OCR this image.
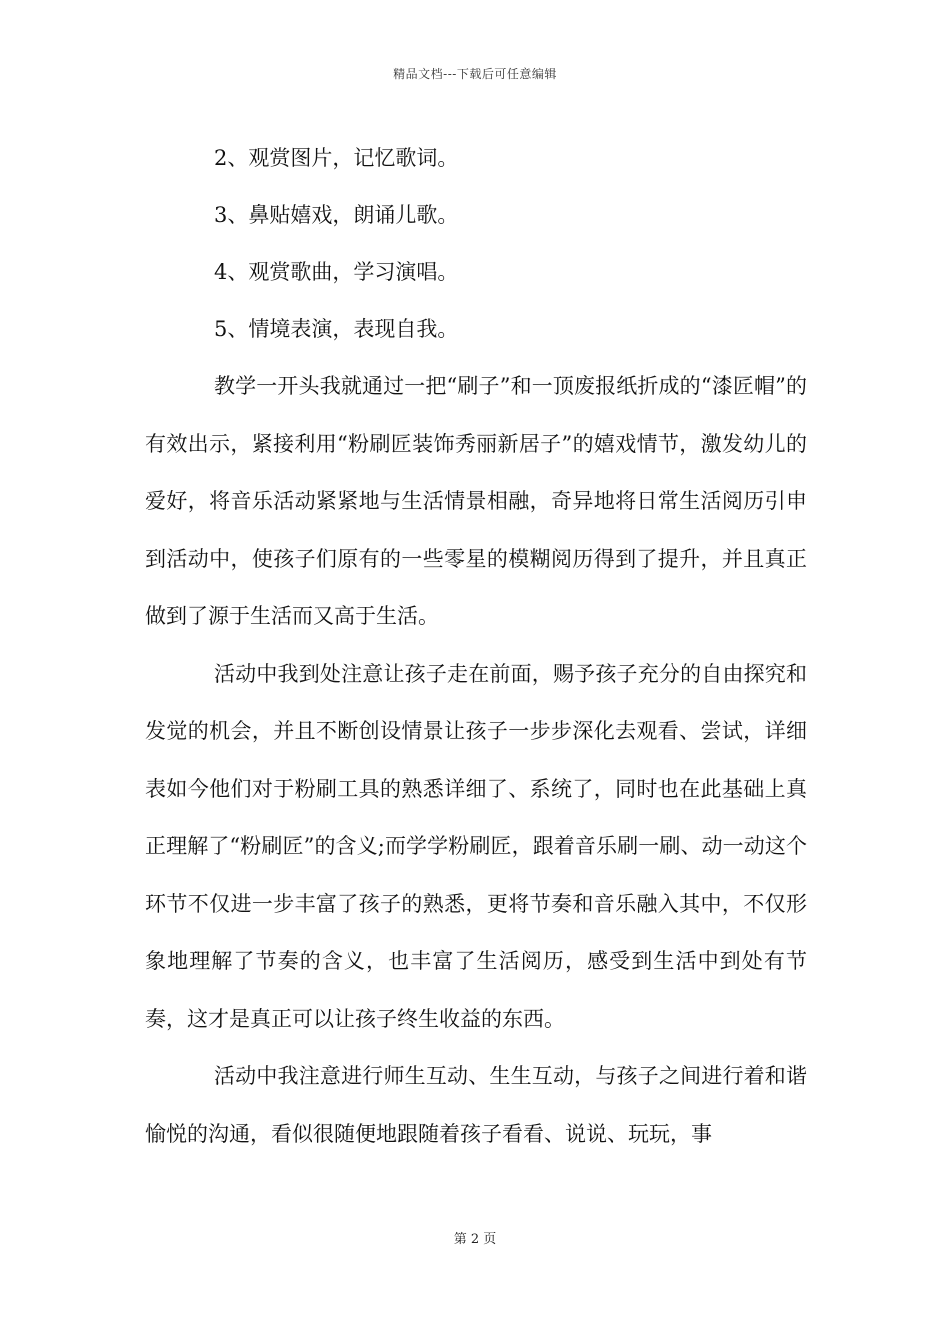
精品文档---下载后可任意编辑
2、观赏图片，记忆歌词。
3、鼻贴嬉戏，朗诵儿歌。
4、观赏歌曲，学习演唱。
5、情境表演，表现自我。

教学一开头我就通过一把“刷子”和一顶废报纸折成的“漆匠帽”的有效出示，紧接利用“粉刷匠装饰秀丽新居子”的嬉戏情节，激发幼儿的爱好，将音乐活动紧紧地与生活情景相融，奇异地将日常生活阅历引申到活动中，使孩子们原有的一些零星的模糊阅历得到了提升，并且真正做到了源于生活而又高于生活。

活动中我到处注意让孩子走在前面，赐予孩子充分的自由探究和发觉的机会，并且不断创设情景让孩子一步步深化去观看、尝试，详细表如今他们对于粉刷工具的熟悉详细了、系统了，同时也在此基础上真正理解了“粉刷匠”的含义;而学学粉刷匠，跟着音乐刷一刷、动一动这个环节不仅进一步丰富了孩子的熟悉，更将节奏和音乐融入其中，不仅形象地理解了节奏的含义，也丰富了生活阅历，感受到生活中到处有节奏，这才是真正可以让孩子终生收益的东西。

活动中我注意进行师生互动、生生互动，与孩子之间进行着和谐愉悦的沟通，看似很随便地跟随着孩子看看、说说、玩玩，事

第 2 页
